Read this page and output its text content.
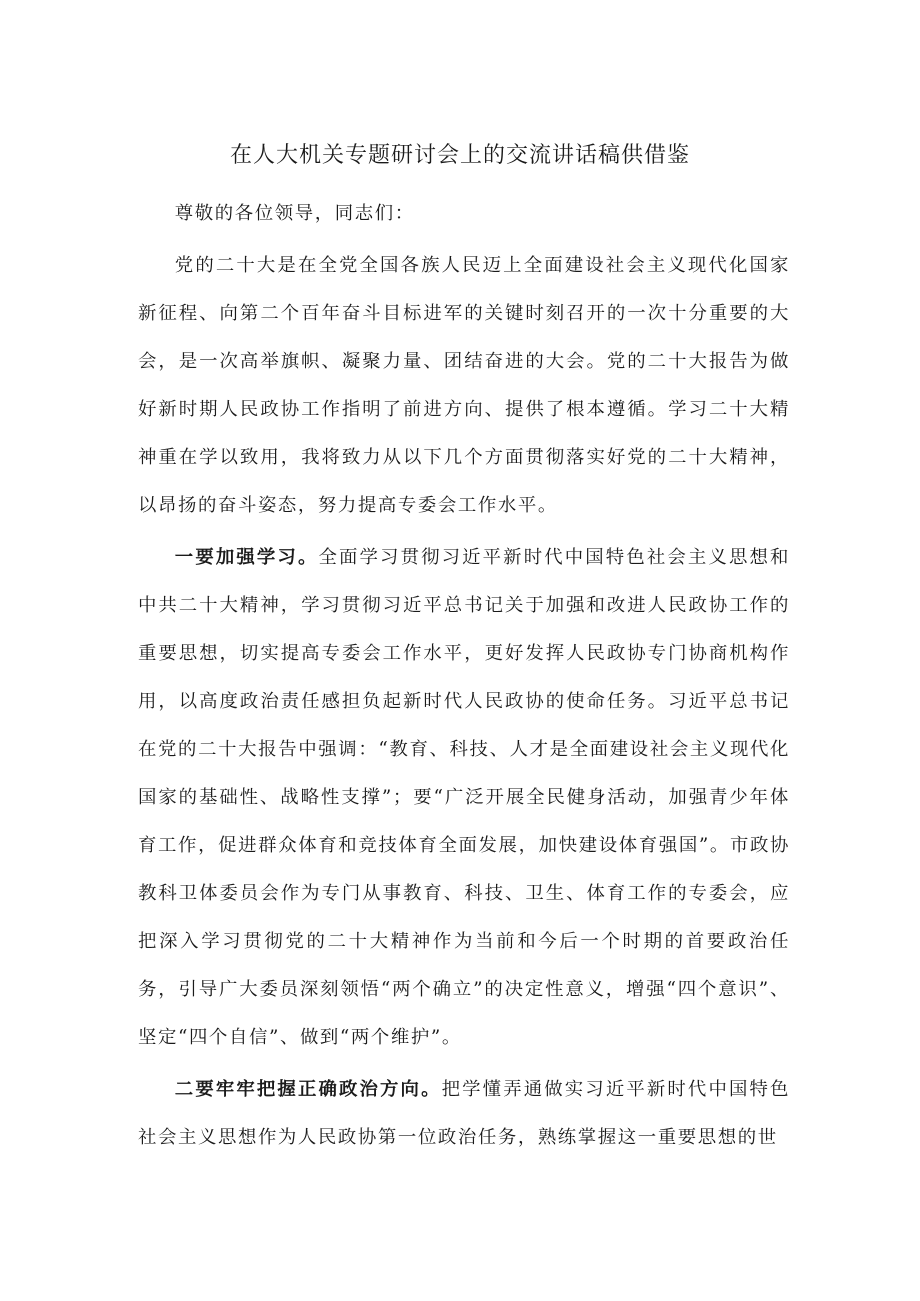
在人大机关专题研讨会上的交流讲话稿供借鉴

尊敬的各位领导，同志们：

党的二十大是在全党全国各族人民迈上全面建设社会主义现代化国家新征程、向第二个百年奋斗目标进军的关键时刻召开的一次十分重要的大会，是一次高举旗帜、凝聚力量、团结奋进的大会。党的二十大报告为做好新时期人民政协工作指明了前进方向、提供了根本遵循。学习二十大精神重在学以致用，我将致力从以下几个方面贯彻落实好党的二十大精神，以昂扬的奋斗姿态，努力提高专委会工作水平。

一要加强学习。全面学习贯彻习近平新时代中国特色社会主义思想和中共二十大精神，学习贯彻习近平总书记关于加强和改进人民政协工作的重要思想，切实提高专委会工作水平，更好发挥人民政协专门协商机构作用，以高度政治责任感担负起新时代人民政协的使命任务。习近平总书记在党的二十大报告中强调：“教育、科技、人才是全面建设社会主义现代化国家的基础性、战略性支撑”；要“广泛开展全民健身活动，加强青少年体育工作，促进群众体育和竞技体育全面发展，加快建设体育强国”。市政协教科卫体委员会作为专门从事教育、科技、卫生、体育工作的专委会，应把深入学习贯彻党的二十大精神作为当前和今后一个时期的首要政治任务，引导广大委员深刻领悟“两个确立”的决定性意义，增强“四个意识”、坚定“四个自信”、做到“两个维护”。

二要牢牢把握正确政治方向。把学懂弄通做实习近平新时代中国特色社会主义思想作为人民政协第一位政治任务，熟练掌握这一重要思想的世
